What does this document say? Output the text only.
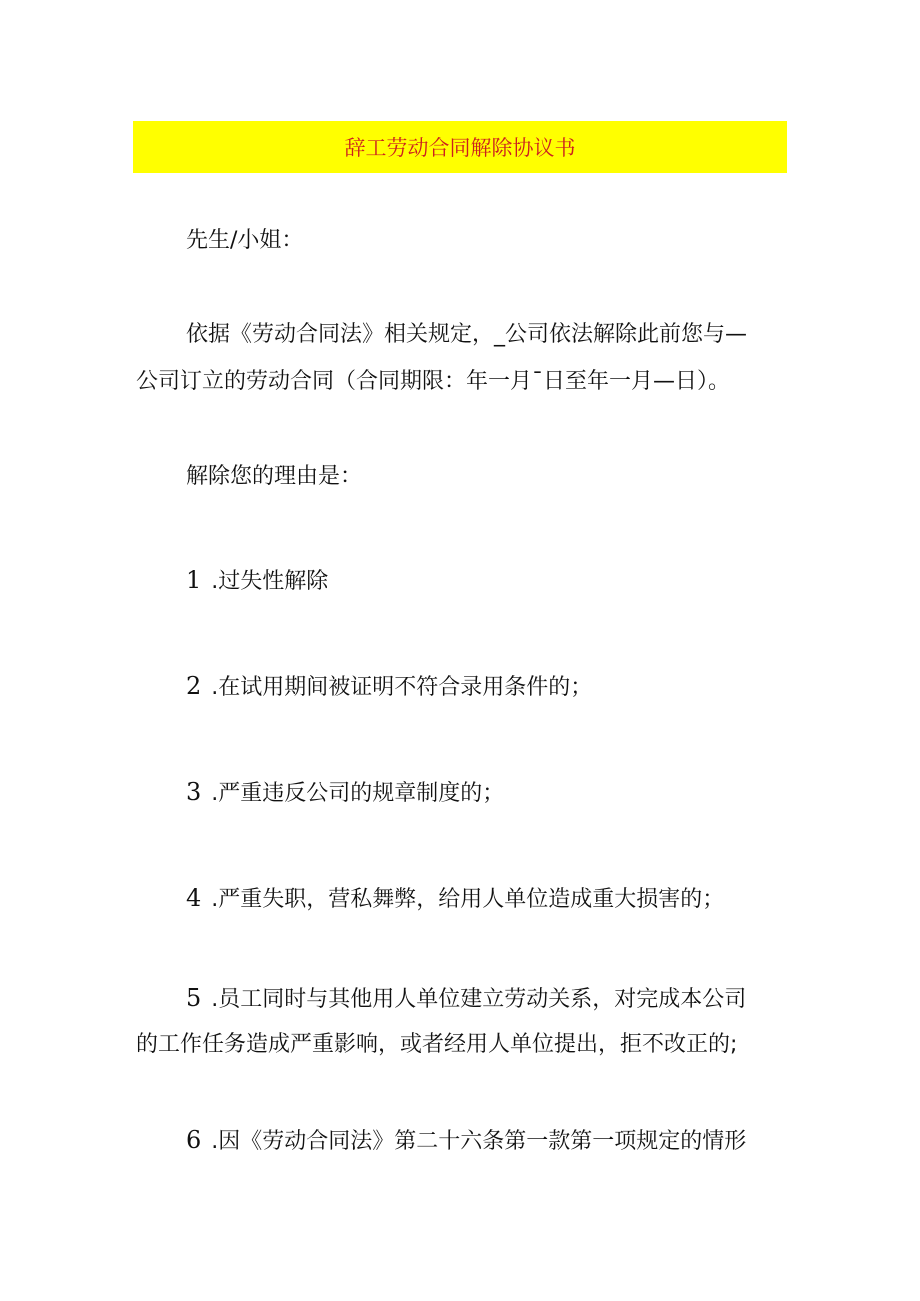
辞工劳动合同解除协议书
先生/小姐：
依据《劳动合同法》相关规定，_公司依法解除此前您与—
公司订立的劳动合同（合同期限：年一月¯日至年一月—日）。
解除您的理由是：
1 .过失性解除
2 .在试用期间被证明不符合录用条件的；
3 .严重违反公司的规章制度的；
4 .严重失职，营私舞弊，给用人单位造成重大损害的；
5 .员工同时与其他用人单位建立劳动关系，对完成本公司
的工作任务造成严重影响，或者经用人单位提出，拒不改正的;
6 .因《劳动合同法》第二十六条第一款第一项规定的情形
